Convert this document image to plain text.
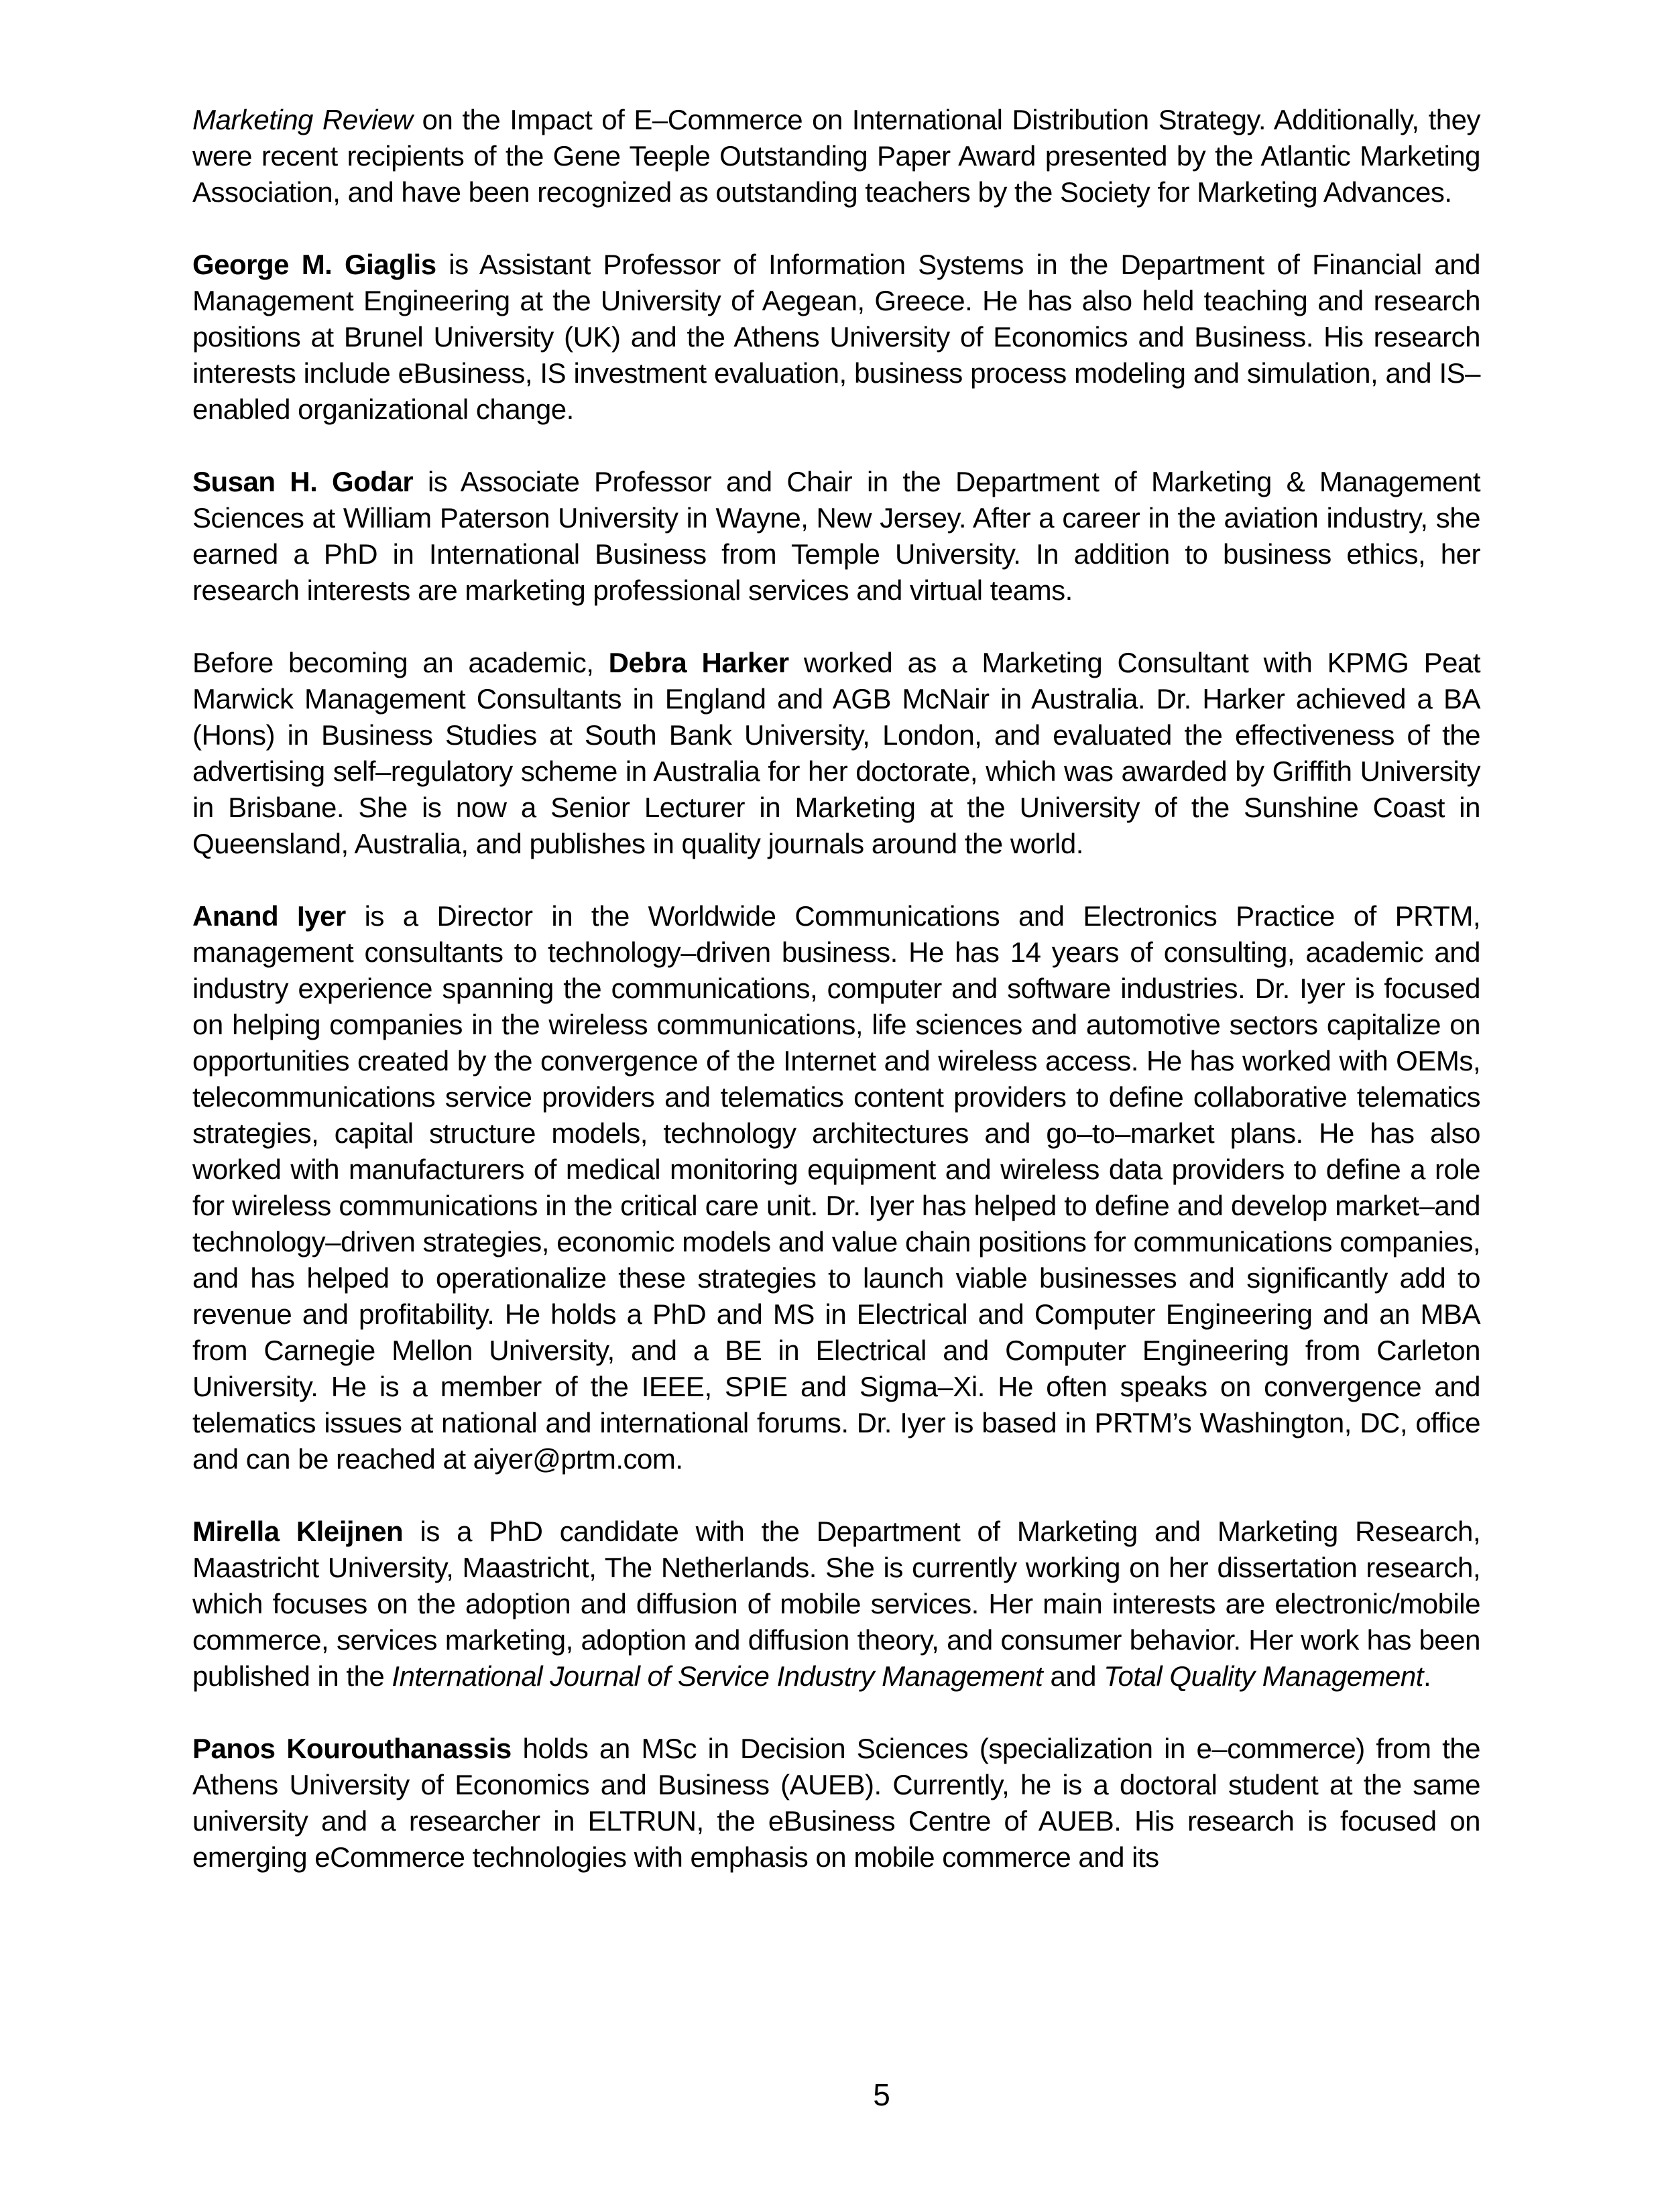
Marketing Review on the Impact of E–Commerce on International Distribution Strategy. Additionally, they were recent recipients of the Gene Teeple Outstanding Paper Award presented by the Atlantic Marketing Association, and have been recognized as outstanding teachers by the Society for Marketing Advances.

George M. Giaglis is Assistant Professor of Information Systems in the Department of Financial and Management Engineering at the University of Aegean, Greece. He has also held teaching and research positions at Brunel University (UK) and the Athens University of Economics and Business. His research interests include eBusiness, IS investment evaluation, business process modeling and simulation, and IS–enabled organizational change.

Susan H. Godar is Associate Professor and Chair in the Department of Marketing & Management Sciences at William Paterson University in Wayne, New Jersey. After a career in the aviation industry, she earned a PhD in International Business from Temple University. In addition to business ethics, her research interests are marketing professional services and virtual teams.

Before becoming an academic, Debra Harker worked as a Marketing Consultant with KPMG Peat Marwick Management Consultants in England and AGB McNair in Australia. Dr. Harker achieved a BA (Hons) in Business Studies at South Bank University, London, and evaluated the effectiveness of the advertising self–regulatory scheme in Australia for her doctorate, which was awarded by Griffith University in Brisbane. She is now a Senior Lecturer in Marketing at the University of the Sunshine Coast in Queensland, Australia, and publishes in quality journals around the world.

Anand Iyer is a Director in the Worldwide Communications and Electronics Practice of PRTM, management consultants to technology–driven business. He has 14 years of consulting, academic and industry experience spanning the communications, computer and software industries. Dr. Iyer is focused on helping companies in the wireless communications, life sciences and automotive sectors capitalize on opportunities created by the convergence of the Internet and wireless access. He has worked with OEMs, telecommunications service providers and telematics content providers to define collaborative telematics strategies, capital structure models, technology architectures and go–to–market plans. He has also worked with manufacturers of medical monitoring equipment and wireless data providers to define a role for wireless communications in the critical care unit. Dr. Iyer has helped to define and develop market–and technology–driven strategies, economic models and value chain positions for communications companies, and has helped to operationalize these strategies to launch viable businesses and significantly add to revenue and profitability. He holds a PhD and MS in Electrical and Computer Engineering and an MBA from Carnegie Mellon University, and a BE in Electrical and Computer Engineering from Carleton University. He is a member of the IEEE, SPIE and Sigma–Xi. He often speaks on convergence and telematics issues at national and international forums. Dr. Iyer is based in PRTM’s Washington, DC, office and can be reached at aiyer@prtm.com.

Mirella Kleijnen is a PhD candidate with the Department of Marketing and Marketing Research, Maastricht University, Maastricht, The Netherlands. She is currently working on her dissertation research, which focuses on the adoption and diffusion of mobile services. Her main interests are electronic/mobile commerce, services marketing, adoption and diffusion theory, and consumer behavior. Her work has been published in the International Journal of Service Industry Management and Total Quality Management.

Panos Kourouthanassis holds an MSc in Decision Sciences (specialization in e–commerce) from the Athens University of Economics and Business (AUEB). Currently, he is a doctoral student at the same university and a researcher in ELTRUN, the eBusiness Centre of AUEB. His research is focused on emerging eCommerce technologies with emphasis on mobile commerce and its

5
